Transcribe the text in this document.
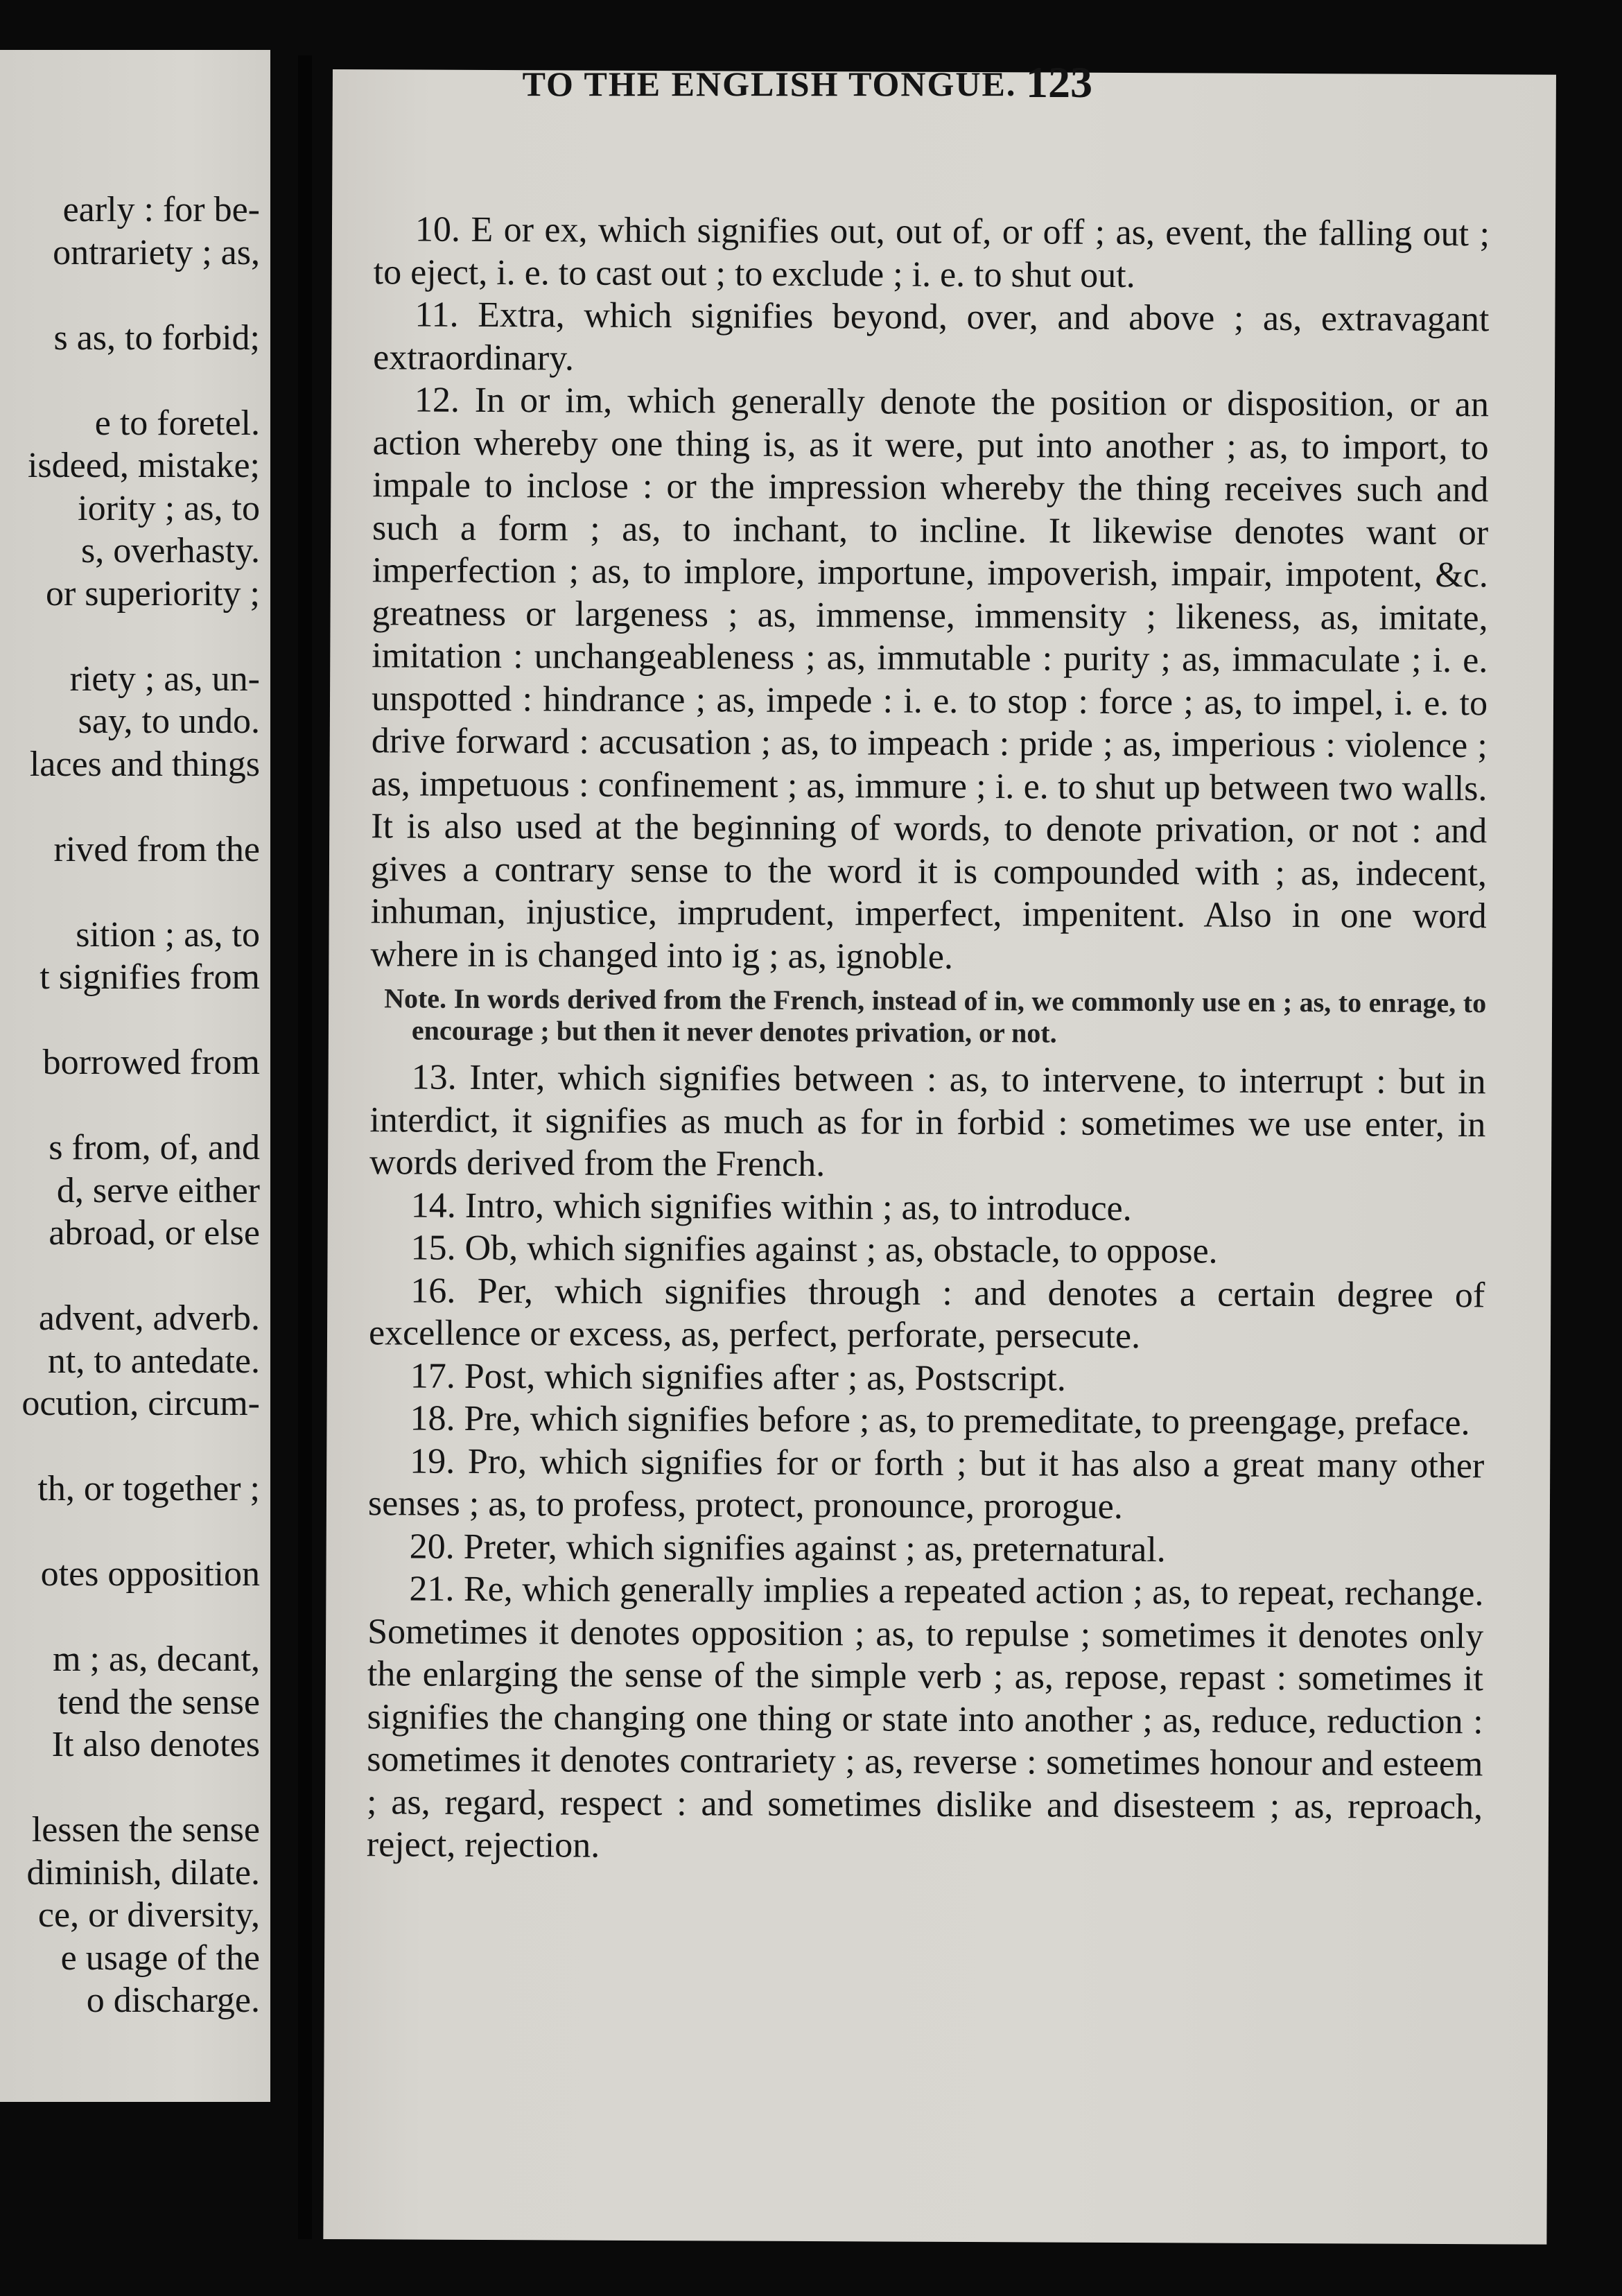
early : for be-
ontrariety ; as,
s as, to forbid;
e to foretel.
isdeed, mistake;
iority ; as, to
s, overhasty.
or superiority ;
riety ; as, un-
say, to undo.
laces and things
rived from the
sition ; as, to
t signifies from
borrowed from
s from, of, and
d, serve either
abroad, or else
advent, adverb.
nt, to antedate.
ocution, circum-
th, or together ;
otes opposition
m ; as, decant,
tend the sense
It also denotes
lessen the sense
diminish, dilate.
ce, or diversity,
e usage of the
o discharge.

10. E or ex, which signifies out, out of, or off ; as, event, the falling out ; to eject, i. e. to cast out ; to exclude ; i. e. to shut out.

11. Extra, which signifies beyond, over, and above ; as, extravagant extraordinary.

12. In or im, which generally denote the position or disposition, or an action whereby one thing is, as it were, put into another ; as, to import, to impale to inclose : or the impression whereby the thing receives such and such a form ; as, to inchant, to incline. It likewise denotes want or imperfection ; as, to implore, importune, impoverish, impair, impotent, &c. greatness or largeness ; as, immense, immensity ; likeness, as, imitate, imitation : unchangeableness ; as, immutable : purity ; as, immaculate ; i. e. unspotted : hindrance ; as, impede : i. e. to stop : force ; as, to impel, i. e. to drive forward : accusation ; as, to impeach : pride ; as, imperious : violence ; as, impetuous : confinement ; as, immure ; i. e. to shut up between two walls. It is also used at the beginning of words, to denote privation, or not : and gives a contrary sense to the word it is compounded with ; as, indecent, inhuman, injustice, imprudent, imperfect, impenitent. Also in one word where in is changed into ig ; as, ignoble.

Note. In words derived from the French, instead of in, we commonly use en ; as, to enrage, to encourage ; but then it never denotes privation, or not.

13. Inter, which signifies between : as, to intervene, to interrupt : but in interdict, it signifies as much as for in forbid : sometimes we use enter, in words derived from the French.

14. Intro, which signifies within ; as, to introduce.

15. Ob, which signifies against ; as, obstacle, to oppose.

16. Per, which signifies through : and denotes a certain degree of excellence or excess, as, perfect, perforate, persecute.

17. Post, which signifies after ; as, Postscript.

18. Pre, which signifies before ; as, to premeditate, to preengage, preface.

19. Pro, which signifies for or forth ; but it has also a great many other senses ; as, to profess, protect, pronounce, prorogue.

20. Preter, which signifies against ; as, preternatural.

21. Re, which generally implies a repeated action ; as, to repeat, rechange. Sometimes it denotes opposition ; as, to repulse ; sometimes it denotes only the enlarging the sense of the simple verb ; as, repose, repast : sometimes it signifies the changing one thing or state into another ; as, reduce, reduction : sometimes it denotes contrariety ; as, reverse : sometimes honour and esteem ; as, regard, respect : and sometimes dislike and disesteem ; as, reproach, reject, rejection.

TO THE ENGLISH TONGUE. 123
